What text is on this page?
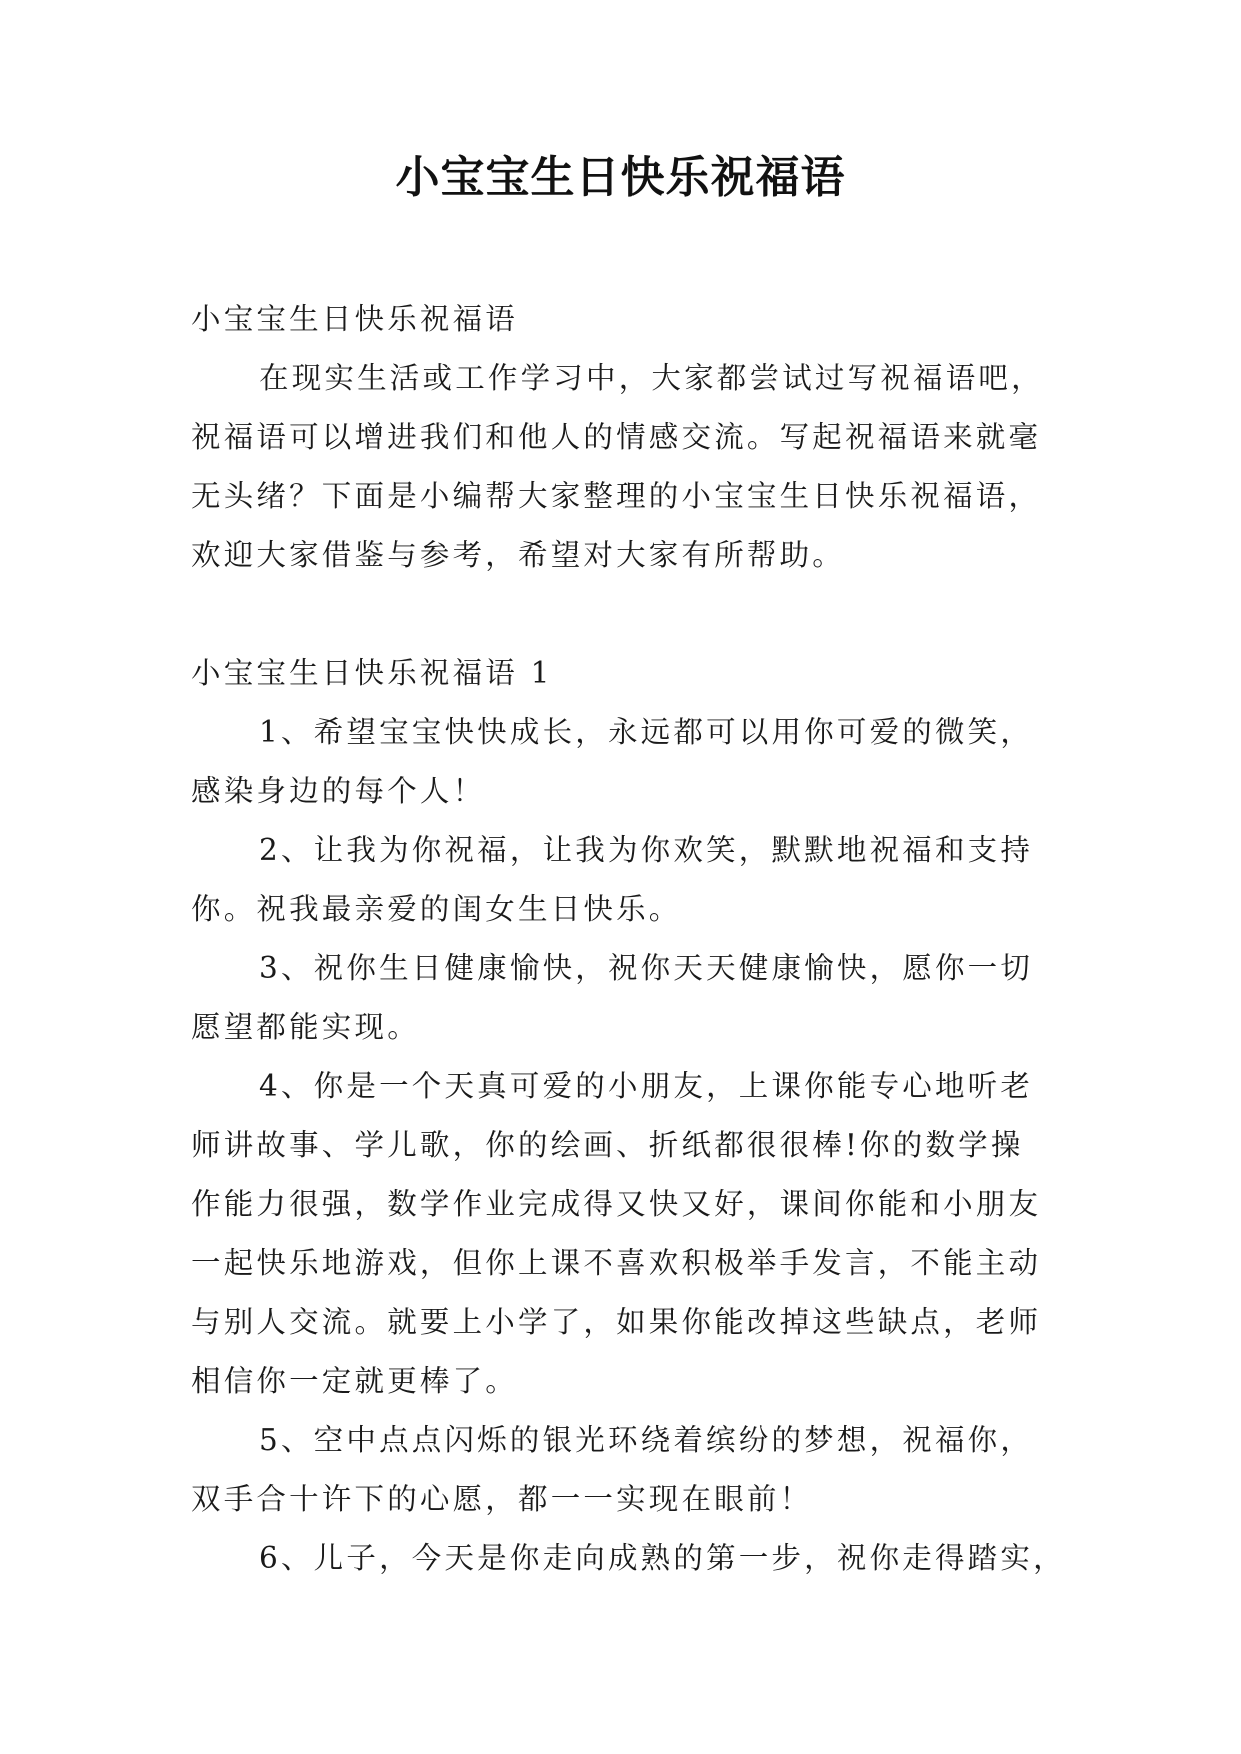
小宝宝生日快乐祝福语

小宝宝生日快乐祝福语

在现实生活或工作学习中，大家都尝试过写祝福语吧，

祝福语可以增进我们和他人的情感交流。写起祝福语来就毫

无头绪？下面是小编帮大家整理的小宝宝生日快乐祝福语，

欢迎大家借鉴与参考，希望对大家有所帮助。

小宝宝生日快乐祝福语 1

1、希望宝宝快快成长，永远都可以用你可爱的微笑，

感染身边的每个人！

2、让我为你祝福，让我为你欢笑，默默地祝福和支持

你。祝我最亲爱的闺女生日快乐。

3、祝你生日健康愉快，祝你天天健康愉快，愿你一切

愿望都能实现。

4、你是一个天真可爱的小朋友，上课你能专心地听老

师讲故事、学儿歌，你的绘画、折纸都很很棒!你的数学操

作能力很强，数学作业完成得又快又好，课间你能和小朋友

一起快乐地游戏，但你上课不喜欢积极举手发言，不能主动

与别人交流。就要上小学了，如果你能改掉这些缺点，老师

相信你一定就更棒了。

5、空中点点闪烁的银光环绕着缤纷的梦想，祝福你，

双手合十许下的心愿，都一一实现在眼前！

6、儿子，今天是你走向成熟的第一步，祝你走得踏实，
